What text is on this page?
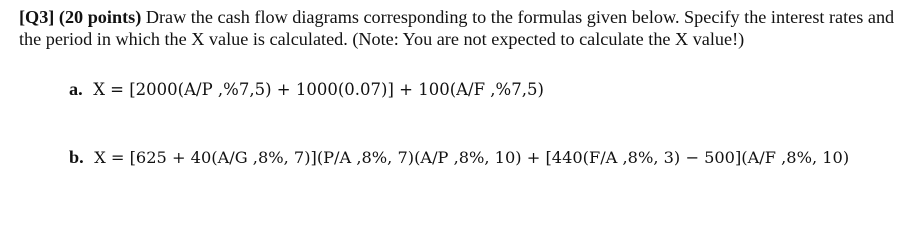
[Q3] (20 points) Draw the cash flow diagrams corresponding to the formulas given below. Specify the interest rates and the period in which the X value is calculated. (Note: You are not expected to calculate the X value!)
a. X = [2000(A/P ,%7,5) + 1000(0.07)] + 100(A/F ,%7,5)
b. X = [625 + 40(A/G ,8%, 7)](P/A ,8%, 7)(A/P ,8%, 10) + [440(F/A ,8%, 3) − 500](A/F ,8%, 10)
